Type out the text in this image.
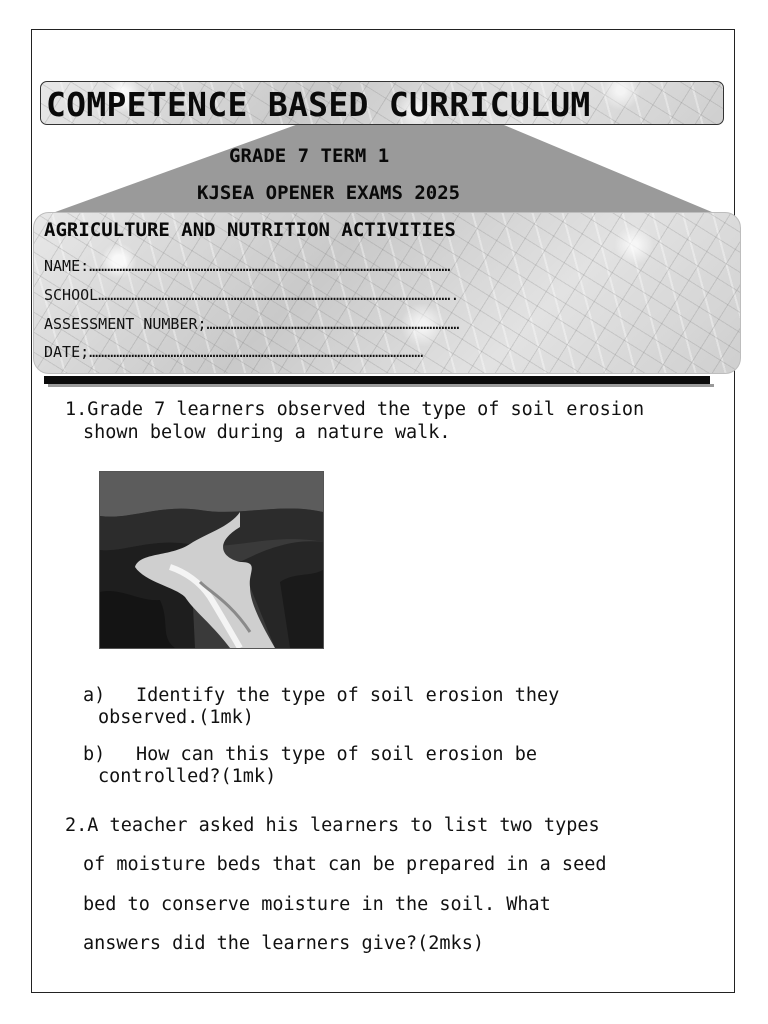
COMPETENCE BASED CURRICULUM
GRADE 7 TERM 1
KJSEA OPENER EXAMS 2025
AGRICULTURE AND NUTRITION ACTIVITIES
NAME:…………………………………………………………………………………………………………
SCHOOL……………………………………………………………………………………………………….
ASSESSMENT NUMBER;…………………………………………………………………………
DATE;…………………………………………………………………………………………………
1.Grade 7 learners observed the type of soil erosion
shown below during a nature walk.
a) Identify the type of soil erosion they
observed.(1mk)
b) How can this type of soil erosion be
controlled?(1mk)
2.A teacher asked his learners to list two types
of moisture beds that can be prepared in a seed
bed to conserve moisture in the soil. What
answers did the learners give?(2mks)
